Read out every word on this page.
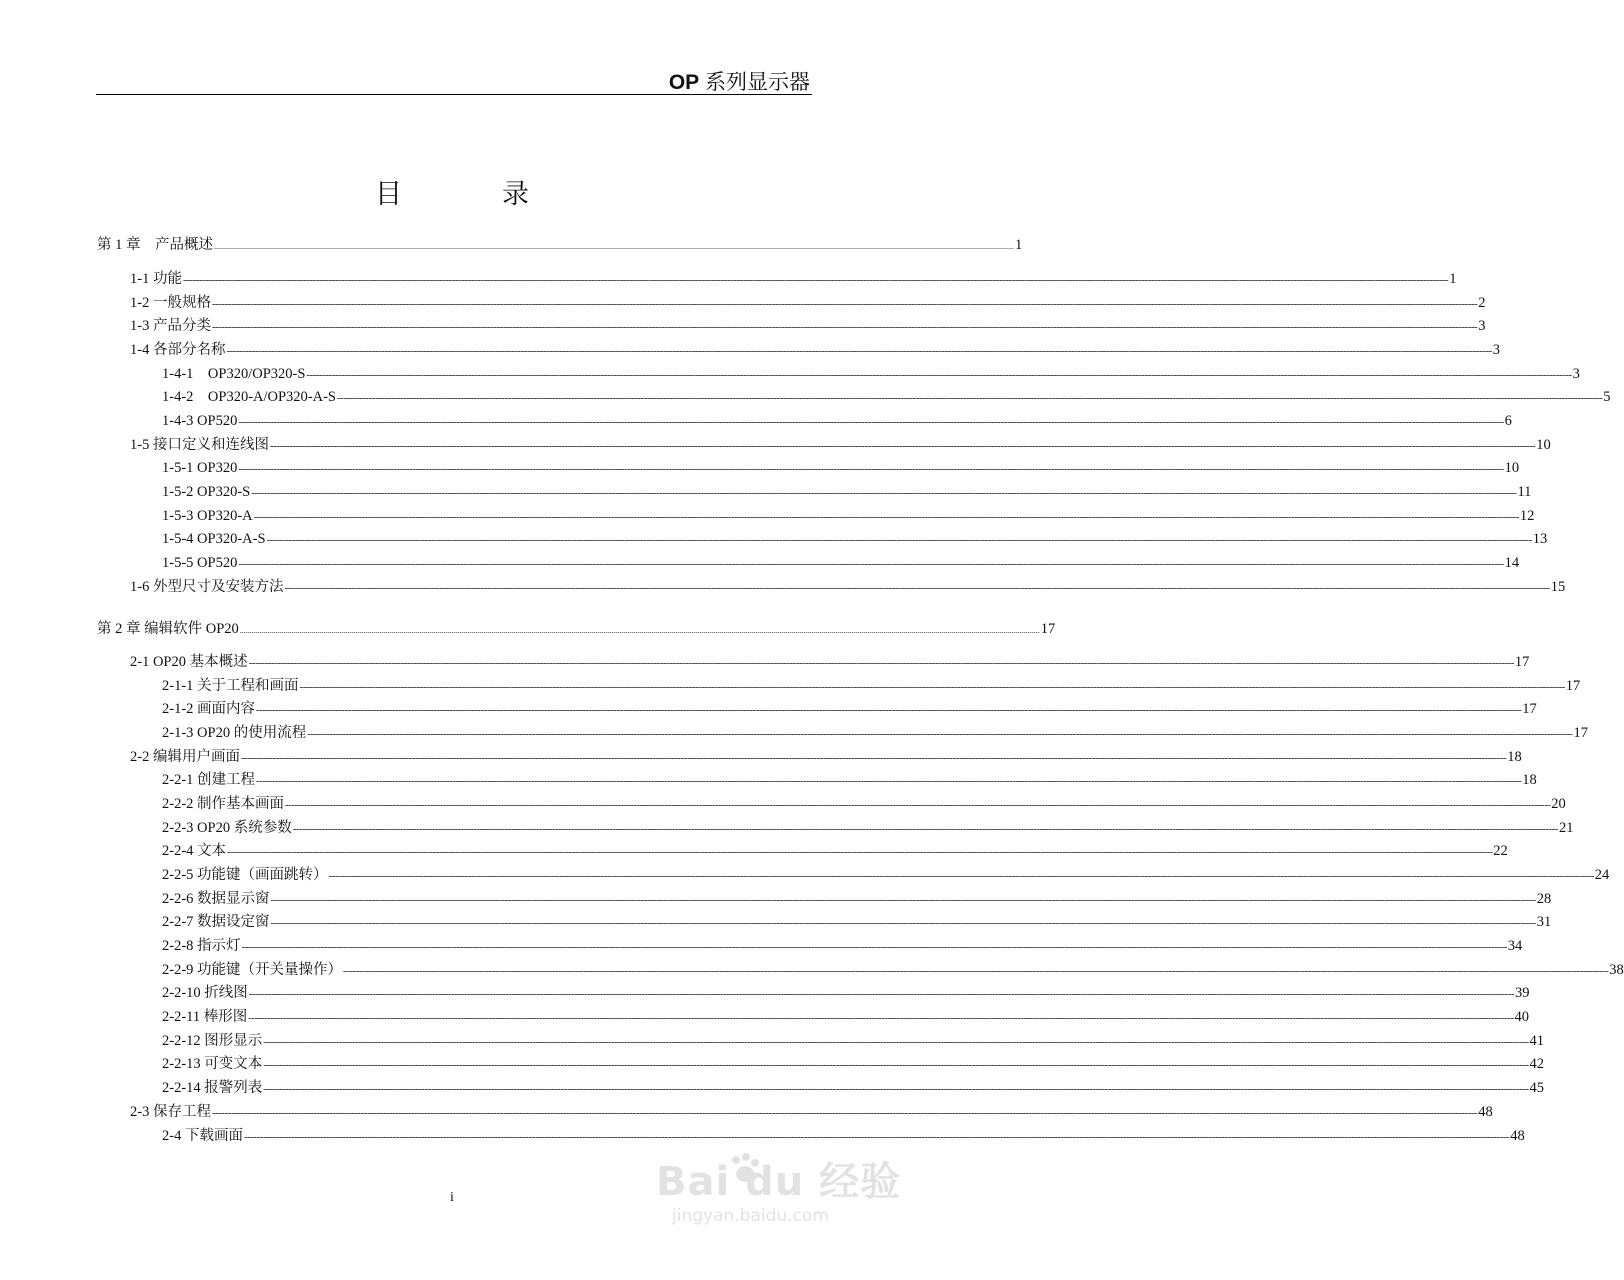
OP 系列显示器
目录
第 1 章　产品概述 ................................................................................................................................................................................................................................................................................................................................................................................................................ 1
1-1 功能 ---------------------------------------------------------------------------------------------------------------------------------------------------------------------------------------------------------------------------------------------------------------------------------------------------------------------------------------------------------------------------------------------------------------- 1
1-2 一般规格 ---------------------------------------------------------------------------------------------------------------------------------------------------------------------------------------------------------------------------------------------------------------------------------------------------------------------------------------------------------------------------------------------------------------- 2
1-3 产品分类 ---------------------------------------------------------------------------------------------------------------------------------------------------------------------------------------------------------------------------------------------------------------------------------------------------------------------------------------------------------------------------------------------------------------- 3
1-4 各部分名称 ---------------------------------------------------------------------------------------------------------------------------------------------------------------------------------------------------------------------------------------------------------------------------------------------------------------------------------------------------------------------------------------------------------------- 3
1-4-1　OP320/OP320-S ---------------------------------------------------------------------------------------------------------------------------------------------------------------------------------------------------------------------------------------------------------------------------------------------------------------------------------------------------------------------------------------------------------------- 3
1-4-2　OP320-A/OP320-A-S ---------------------------------------------------------------------------------------------------------------------------------------------------------------------------------------------------------------------------------------------------------------------------------------------------------------------------------------------------------------------------------------------------------------- 5
1-4-3 OP520 ---------------------------------------------------------------------------------------------------------------------------------------------------------------------------------------------------------------------------------------------------------------------------------------------------------------------------------------------------------------------------------------------------------------- 6
1-5 接口定义和连线图 ---------------------------------------------------------------------------------------------------------------------------------------------------------------------------------------------------------------------------------------------------------------------------------------------------------------------------------------------------------------------------------------------------------------- 10
1-5-1 OP320 ---------------------------------------------------------------------------------------------------------------------------------------------------------------------------------------------------------------------------------------------------------------------------------------------------------------------------------------------------------------------------------------------------------------- 10
1-5-2 OP320-S ---------------------------------------------------------------------------------------------------------------------------------------------------------------------------------------------------------------------------------------------------------------------------------------------------------------------------------------------------------------------------------------------------------------- 11
1-5-3 OP320-A ---------------------------------------------------------------------------------------------------------------------------------------------------------------------------------------------------------------------------------------------------------------------------------------------------------------------------------------------------------------------------------------------------------------- 12
1-5-4 OP320-A-S ---------------------------------------------------------------------------------------------------------------------------------------------------------------------------------------------------------------------------------------------------------------------------------------------------------------------------------------------------------------------------------------------------------------- 13
1-5-5 OP520 ---------------------------------------------------------------------------------------------------------------------------------------------------------------------------------------------------------------------------------------------------------------------------------------------------------------------------------------------------------------------------------------------------------------- 14
1-6 外型尺寸及安装方法 ---------------------------------------------------------------------------------------------------------------------------------------------------------------------------------------------------------------------------------------------------------------------------------------------------------------------------------------------------------------------------------------------------------------- 15
第 2 章 编辑软件 OP20 ................................................................................................................................................................................................................................................................................................................................................................................................................ 17
2-1 OP20 基本概述 ---------------------------------------------------------------------------------------------------------------------------------------------------------------------------------------------------------------------------------------------------------------------------------------------------------------------------------------------------------------------------------------------------------------- 17
2-1-1 关于工程和画面 ---------------------------------------------------------------------------------------------------------------------------------------------------------------------------------------------------------------------------------------------------------------------------------------------------------------------------------------------------------------------------------------------------------------- 17
2-1-2 画面内容 ---------------------------------------------------------------------------------------------------------------------------------------------------------------------------------------------------------------------------------------------------------------------------------------------------------------------------------------------------------------------------------------------------------------- 17
2-1-3 OP20 的使用流程 ---------------------------------------------------------------------------------------------------------------------------------------------------------------------------------------------------------------------------------------------------------------------------------------------------------------------------------------------------------------------------------------------------------------- 17
2-2 编辑用户画面 ---------------------------------------------------------------------------------------------------------------------------------------------------------------------------------------------------------------------------------------------------------------------------------------------------------------------------------------------------------------------------------------------------------------- 18
2-2-1 创建工程 ---------------------------------------------------------------------------------------------------------------------------------------------------------------------------------------------------------------------------------------------------------------------------------------------------------------------------------------------------------------------------------------------------------------- 18
2-2-2 制作基本画面 ---------------------------------------------------------------------------------------------------------------------------------------------------------------------------------------------------------------------------------------------------------------------------------------------------------------------------------------------------------------------------------------------------------------- 20
2-2-3 OP20 系统参数 ---------------------------------------------------------------------------------------------------------------------------------------------------------------------------------------------------------------------------------------------------------------------------------------------------------------------------------------------------------------------------------------------------------------- 21
2-2-4 文本 ---------------------------------------------------------------------------------------------------------------------------------------------------------------------------------------------------------------------------------------------------------------------------------------------------------------------------------------------------------------------------------------------------------------- 22
2-2-5 功能键（画面跳转） ---------------------------------------------------------------------------------------------------------------------------------------------------------------------------------------------------------------------------------------------------------------------------------------------------------------------------------------------------------------------------------------------------------------- 24
2-2-6 数据显示窗 ---------------------------------------------------------------------------------------------------------------------------------------------------------------------------------------------------------------------------------------------------------------------------------------------------------------------------------------------------------------------------------------------------------------- 28
2-2-7 数据设定窗 ---------------------------------------------------------------------------------------------------------------------------------------------------------------------------------------------------------------------------------------------------------------------------------------------------------------------------------------------------------------------------------------------------------------- 31
2-2-8 指示灯 ---------------------------------------------------------------------------------------------------------------------------------------------------------------------------------------------------------------------------------------------------------------------------------------------------------------------------------------------------------------------------------------------------------------- 34
2-2-9 功能键（开关量操作） ---------------------------------------------------------------------------------------------------------------------------------------------------------------------------------------------------------------------------------------------------------------------------------------------------------------------------------------------------------------------------------------------------------------- 38
2-2-10 折线图 ---------------------------------------------------------------------------------------------------------------------------------------------------------------------------------------------------------------------------------------------------------------------------------------------------------------------------------------------------------------------------------------------------------------- 39
2-2-11 棒形图 ---------------------------------------------------------------------------------------------------------------------------------------------------------------------------------------------------------------------------------------------------------------------------------------------------------------------------------------------------------------------------------------------------------------- 40
2-2-12 图形显示 ---------------------------------------------------------------------------------------------------------------------------------------------------------------------------------------------------------------------------------------------------------------------------------------------------------------------------------------------------------------------------------------------------------------- 41
2-2-13 可变文本 ---------------------------------------------------------------------------------------------------------------------------------------------------------------------------------------------------------------------------------------------------------------------------------------------------------------------------------------------------------------------------------------------------------------- 42
2-2-14 报警列表 ---------------------------------------------------------------------------------------------------------------------------------------------------------------------------------------------------------------------------------------------------------------------------------------------------------------------------------------------------------------------------------------------------------------- 45
2-3 保存工程 ---------------------------------------------------------------------------------------------------------------------------------------------------------------------------------------------------------------------------------------------------------------------------------------------------------------------------------------------------------------------------------------------------------------- 48
2-4 下载画面 ---------------------------------------------------------------------------------------------------------------------------------------------------------------------------------------------------------------------------------------------------------------------------------------------------------------------------------------------------------------------------------------------------------------- 48
i	Bai du 经验
jingyan.baidu.com
